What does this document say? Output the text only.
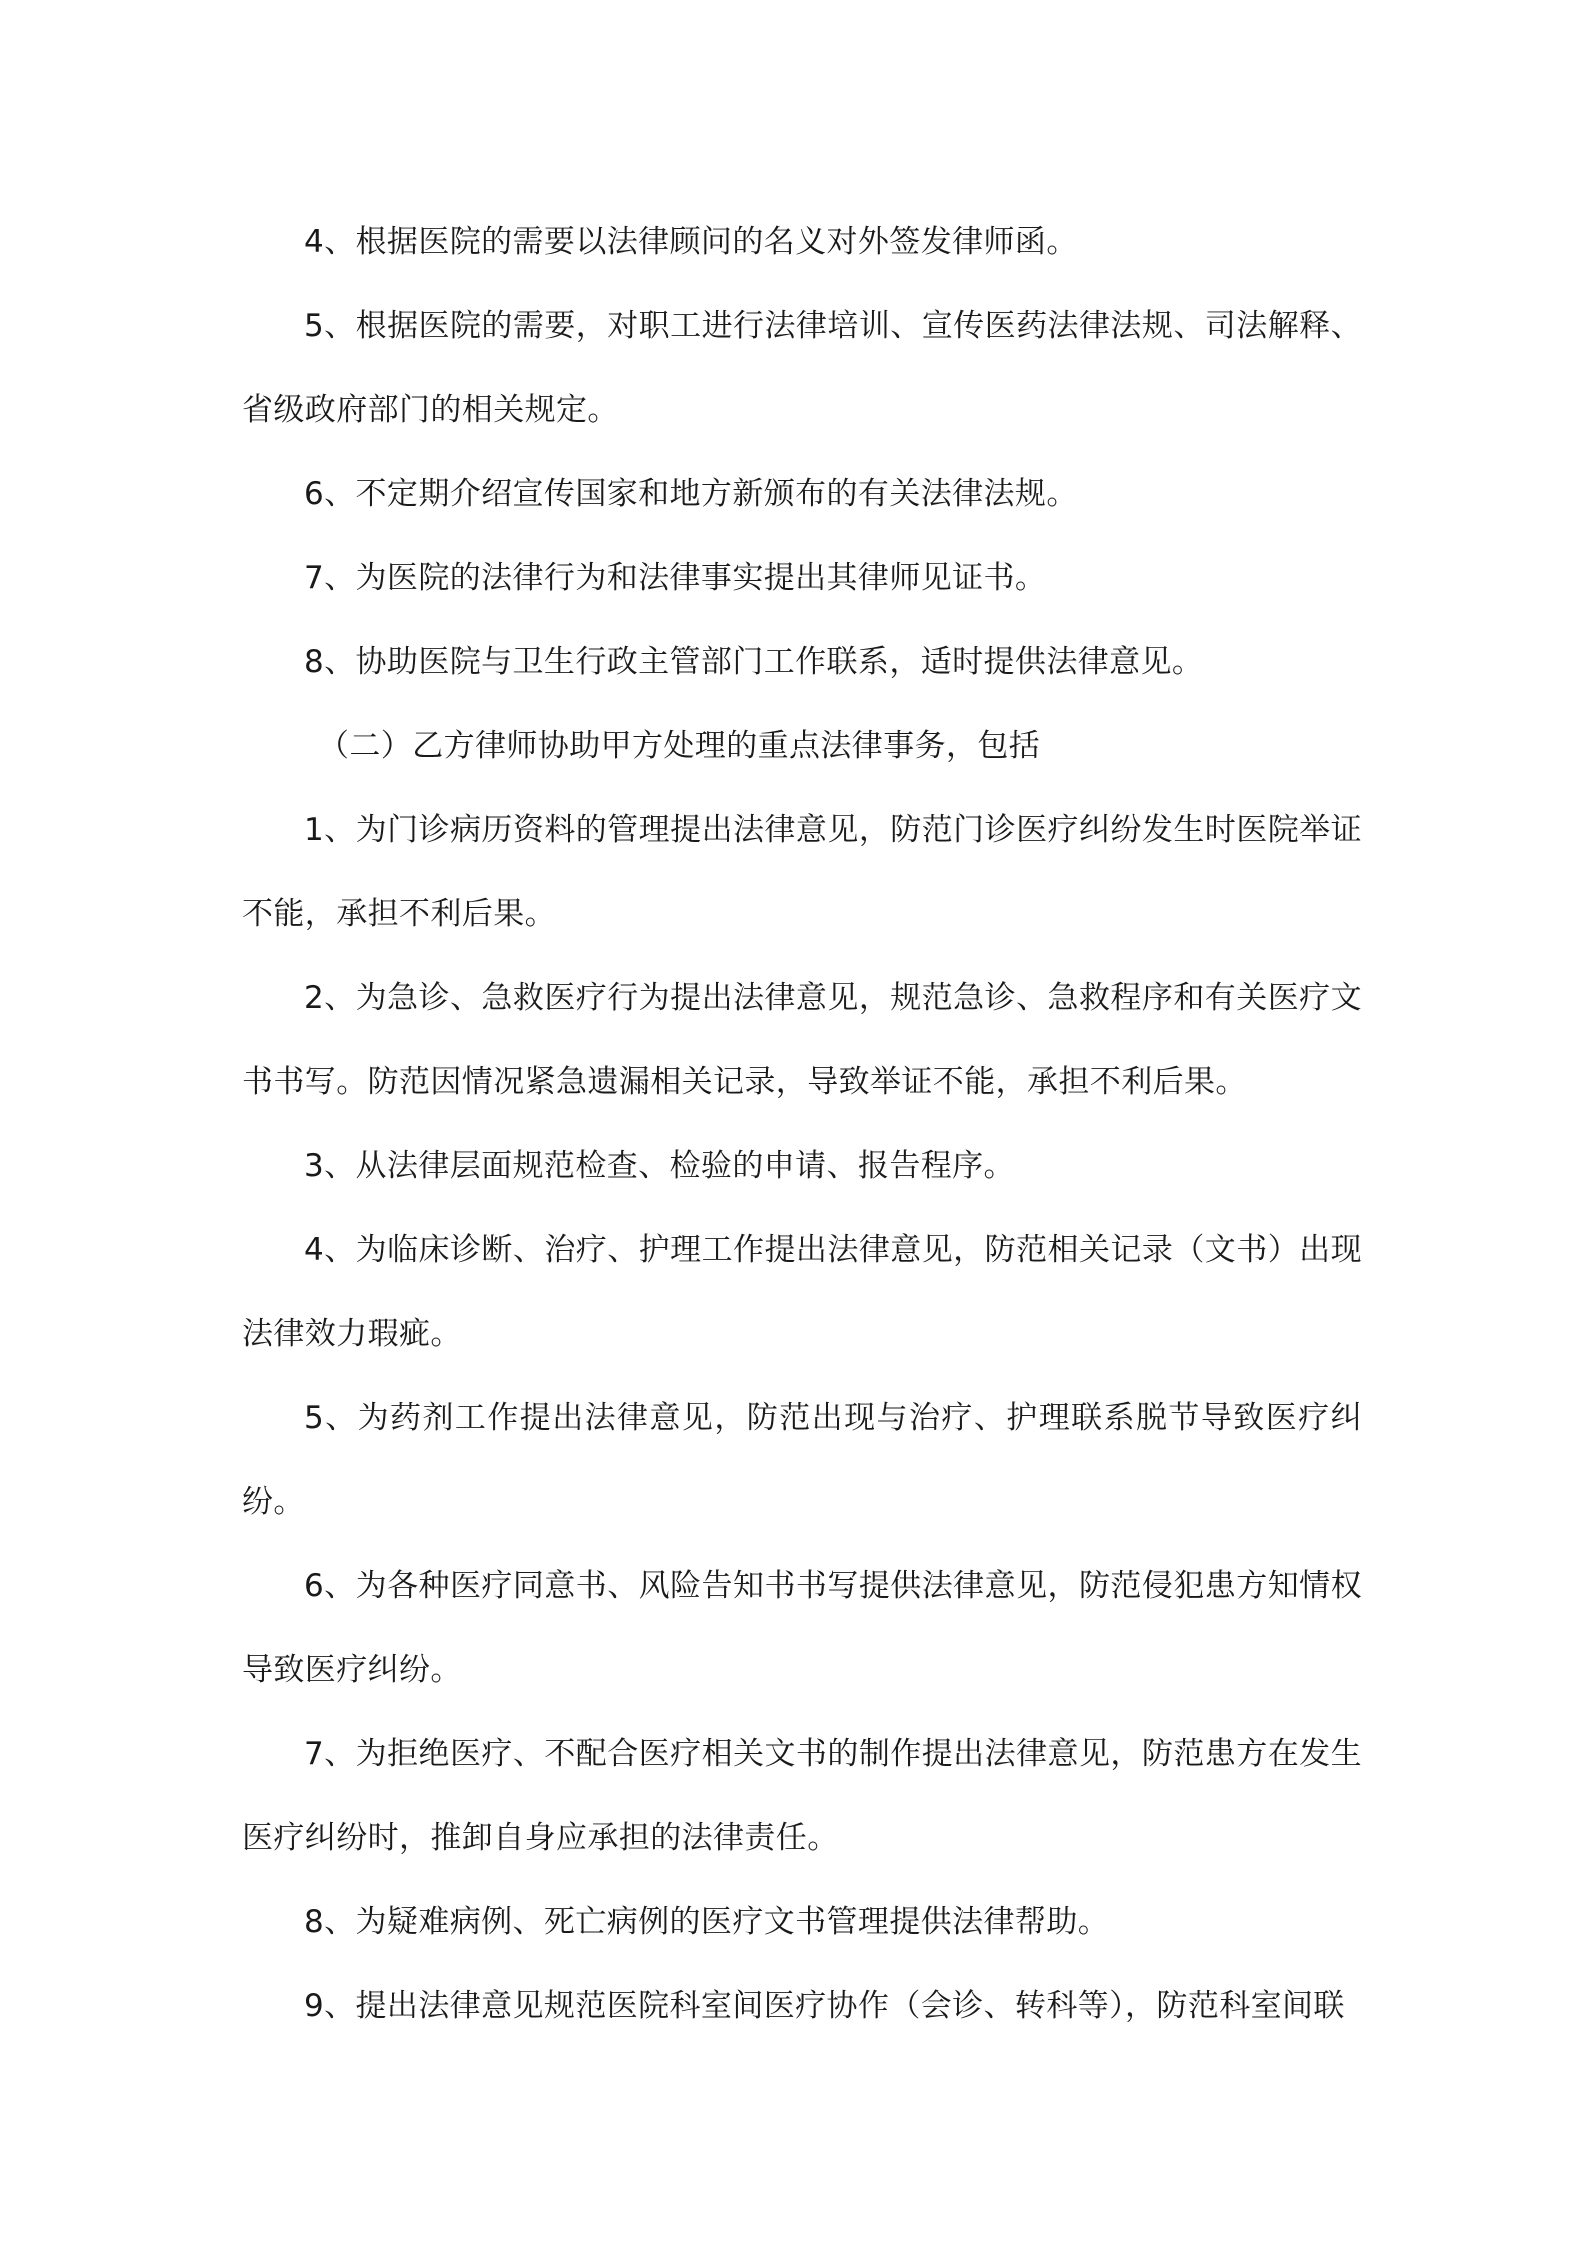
4、根据医院的需要以法律顾问的名义对外签发律师函。

5、根据医院的需要，对职工进行法律培训、宣传医药法律法规、司法解释、省级政府部门的相关规定。

6、不定期介绍宣传国家和地方新颁布的有关法律法规。

7、为医院的法律行为和法律事实提出其律师见证书。

8、协助医院与卫生行政主管部门工作联系，适时提供法律意见。

（二）乙方律师协助甲方处理的重点法律事务，包括

1、为门诊病历资料的管理提出法律意见，防范门诊医疗纠纷发生时医院举证不能，承担不利后果。

2、为急诊、急救医疗行为提出法律意见，规范急诊、急救程序和有关医疗文书书写。防范因情况紧急遗漏相关记录，导致举证不能，承担不利后果。

3、从法律层面规范检查、检验的申请、报告程序。

4、为临床诊断、治疗、护理工作提出法律意见，防范相关记录（文书）出现法律效力瑕疵。

5、为药剂工作提出法律意见，防范出现与治疗、护理联系脱节导致医疗纠纷。

6、为各种医疗同意书、风险告知书书写提供法律意见，防范侵犯患方知情权导致医疗纠纷。

7、为拒绝医疗、不配合医疗相关文书的制作提出法律意见，防范患方在发生医疗纠纷时，推卸自身应承担的法律责任。

8、为疑难病例、死亡病例的医疗文书管理提供法律帮助。

9、提出法律意见规范医院科室间医疗协作（会诊、转科等），防范科室间联
